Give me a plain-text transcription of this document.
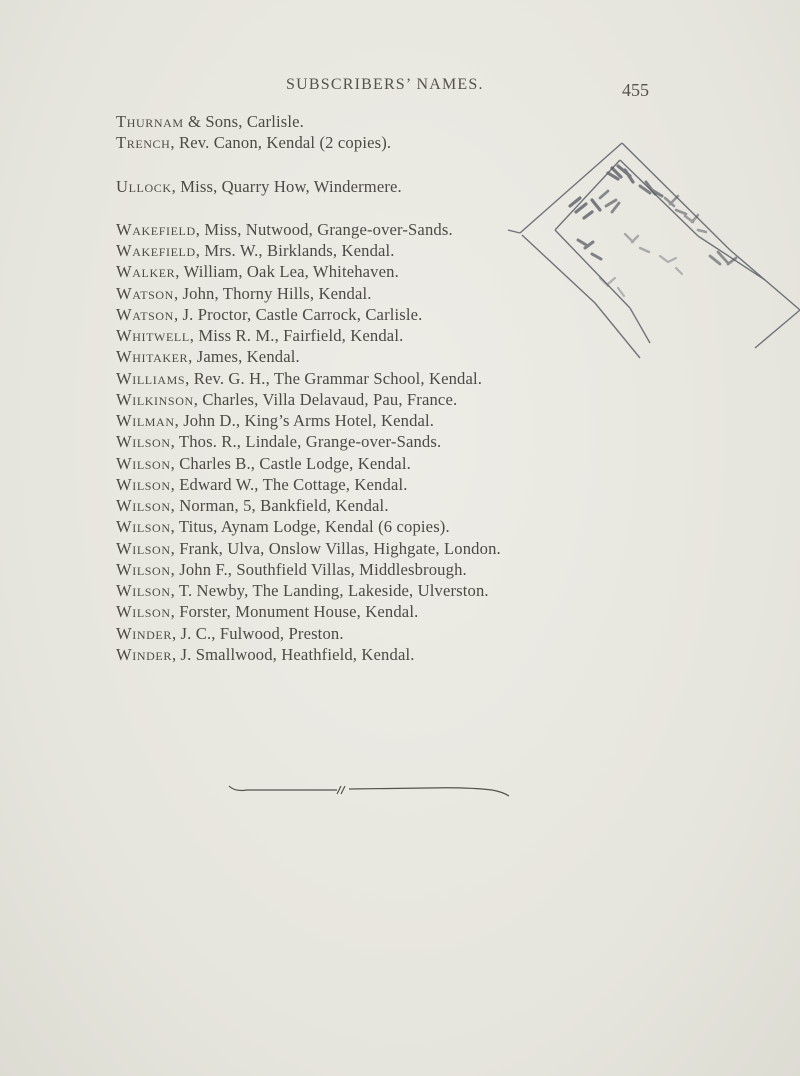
SUBSCRIBERS’ NAMES.	455
Thurnam & Sons, Carlisle.
Trench, Rev. Canon, Kendal (2 copies).
Ullock, Miss, Quarry How, Windermere.
Wakefield, Miss, Nutwood, Grange-over-Sands.
Wakefield, Mrs. W., Birklands, Kendal.
Walker, William, Oak Lea, Whitehaven.
Watson, John, Thorny Hills, Kendal.
Watson, J. Proctor, Castle Carrock, Carlisle.
Whitwell, Miss R. M., Fairfield, Kendal.
Whitaker, James, Kendal.
Williams, Rev. G. H., The Grammar School, Kendal.
Wilkinson, Charles, Villa Delavaud, Pau, France.
Wilman, John D., King’s Arms Hotel, Kendal.
Wilson, Thos. R., Lindale, Grange-over-Sands.
Wilson, Charles B., Castle Lodge, Kendal.
Wilson, Edward W., The Cottage, Kendal.
Wilson, Norman, 5, Bankfield, Kendal.
Wilson, Titus, Aynam Lodge, Kendal (6 copies).
Wilson, Frank, Ulva, Onslow Villas, Highgate, London.
Wilson, John F., Southfield Villas, Middlesbrough.
Wilson, T. Newby, The Landing, Lakeside, Ulverston.
Wilson, Forster, Monument House, Kendal.
Winder, J. C., Fulwood, Preston.
Winder, J. Smallwood, Heathfield, Kendal.
